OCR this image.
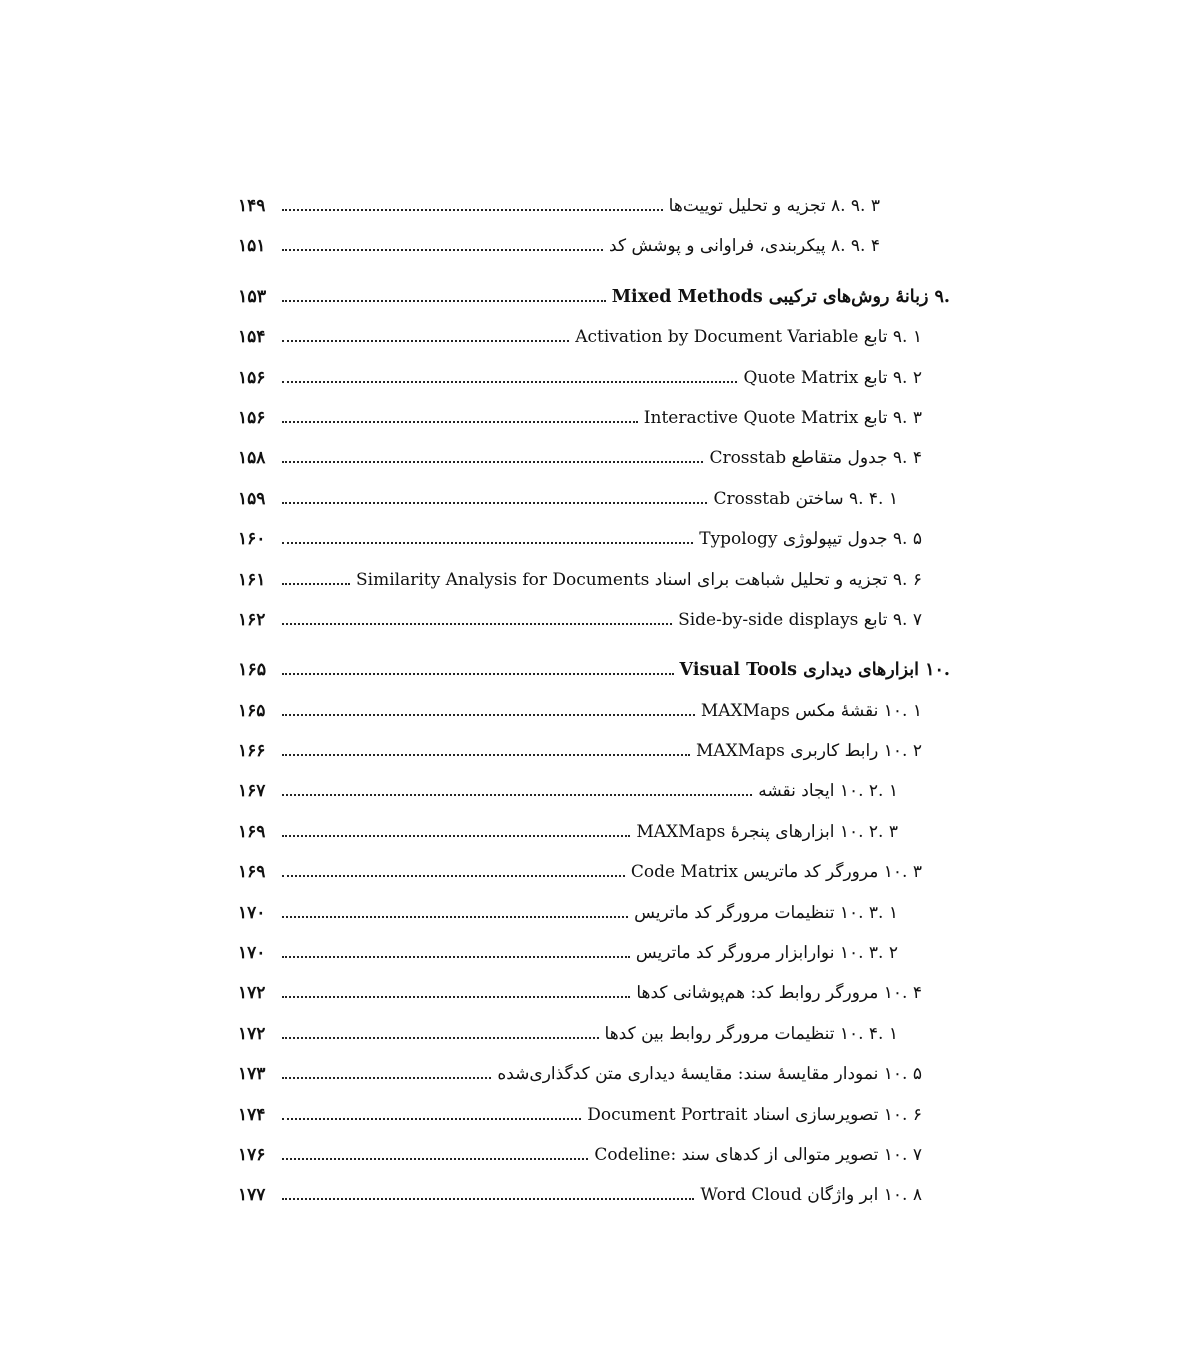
۸. ۹. ۳

تجزیه و تحلیل توییت‌ها
۱۴۹
۸. ۹. ۴

پیکربندی، فراوانی و پوشش کد
۱۵۱
۹.

زبانهٔ روش‌های ترکیبی Mixed Methods
۱۵۳
۹. ۱

تابع Activation by Document Variable
۱۵۴
۹. ۲

تابع Quote Matrix
۱۵۶
۹. ۳

تابع Interactive Quote Matrix
۱۵۶
۹. ۴

جدول متقاطع Crosstab
۱۵۸
۹. ۴. ۱

ساختن Crosstab
۱۵۹
۹. ۵

جدول تیپولوژی Typology
۱۶۰
۹. ۶

تجزیه و تحلیل شباهت برای اسناد Similarity Analysis for Documents
۱۶۱
۹. ۷

تابع Side-by-side displays
۱۶۲
۱۰.

ابزارهای دیداری Visual Tools
۱۶۵
۱۰. ۱

نقشهٔ مکس MAXMaps
۱۶۵
۱۰. ۲

رابط کاربری MAXMaps
۱۶۶
۱۰. ۲. ۱

ایجاد نقشه
۱۶۷
۱۰. ۲. ۳

ابزارهای پنجرهٔ MAXMaps
۱۶۹
۱۰. ۳

مرورگر کد ماتریس Code Matrix
۱۶۹
۱۰. ۳. ۱

تنظیمات مرورگر کد ماتریس
۱۷۰
۱۰. ۳. ۲

نوارابزار مرورگر کد ماتریس
۱۷۰
۱۰. ۴

مرورگر روابط کد: هم‌پوشانی کدها
۱۷۲
۱۰. ۴. ۱

تنظیمات مرورگر روابط بین کدها
۱۷۲
۱۰. ۵

نمودار مقایسهٔ سند: مقایسهٔ دیداری متن کدگذاری‌شده
۱۷۳
۱۰. ۶

تصویرسازی اسناد Document Portrait
۱۷۴
۱۰. ۷

Codeline: تصویر متوالی از کدهای سند
۱۷۶
۱۰. ۸

ابر واژگان Word Cloud
۱۷۷
